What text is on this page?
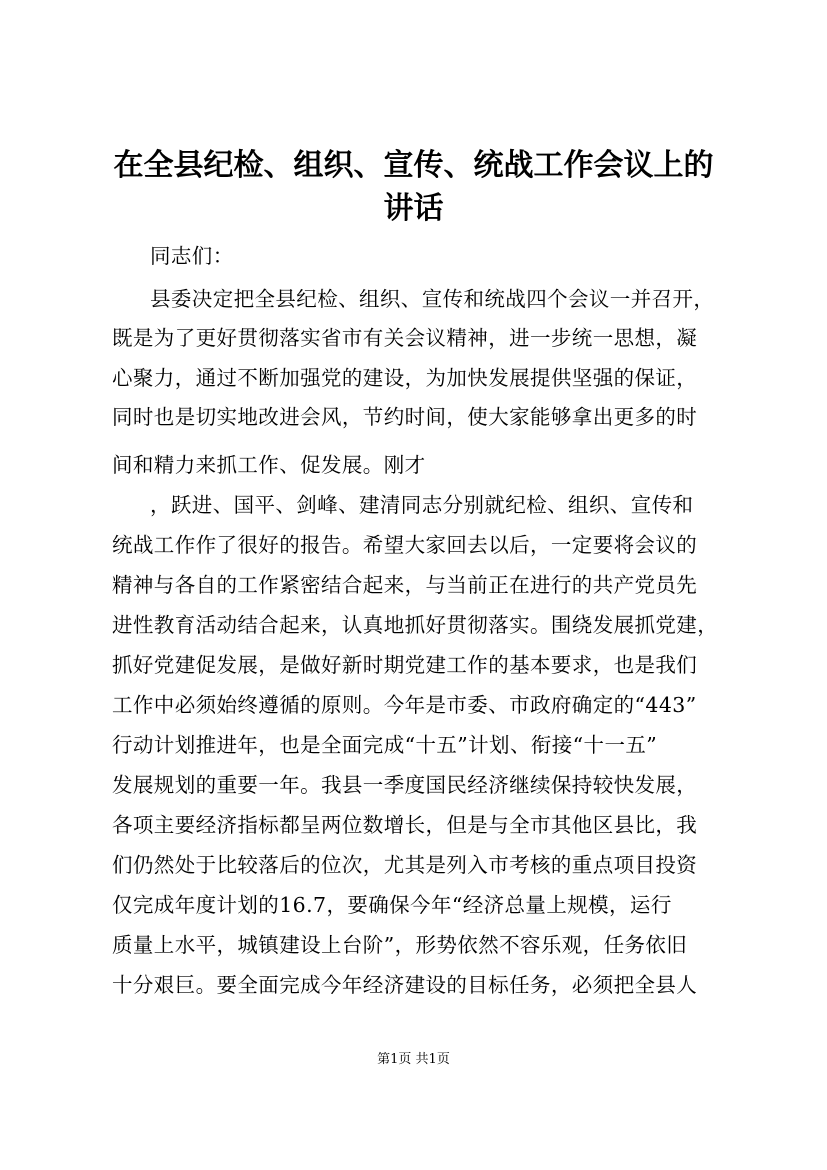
在全县纪检、组织、宣传、统战工作会议上的
讲话
同志们：
县委决定把全县纪检、组织、宣传和统战四个会议一并召开，
既是为了更好贯彻落实省市有关会议精神，进一步统一思想，凝
心聚力，通过不断加强党的建设，为加快发展提供坚强的保证，
同时也是切实地改进会风，节约时间，使大家能够拿出更多的时
间和精力来抓工作、促发展。刚才
，跃进、国平、剑峰、建清同志分别就纪检、组织、宣传和
统战工作作了很好的报告。希望大家回去以后，一定要将会议的
精神与各自的工作紧密结合起来，与当前正在进行的共产党员先
进性教育活动结合起来，认真地抓好贯彻落实。围绕发展抓党建，
抓好党建促发展，是做好新时期党建工作的基本要求，也是我们
工作中必须始终遵循的原则。今年是市委、市政府确定的“443”
行动计划推进年，也是全面完成“十五”计划、衔接“十一五”
发展规划的重要一年。我县一季度国民经济继续保持较快发展，
各项主要经济指标都呈两位数增长，但是与全市其他区县比，我
们仍然处于比较落后的位次，尤其是列入市考核的重点项目投资
仅完成年度计划的16.7，要确保今年“经济总量上规模，运行
质量上水平，城镇建设上台阶”，形势依然不容乐观，任务依旧
十分艰巨。要全面完成今年经济建设的目标任务，必须把全县人
第1页 共1页
